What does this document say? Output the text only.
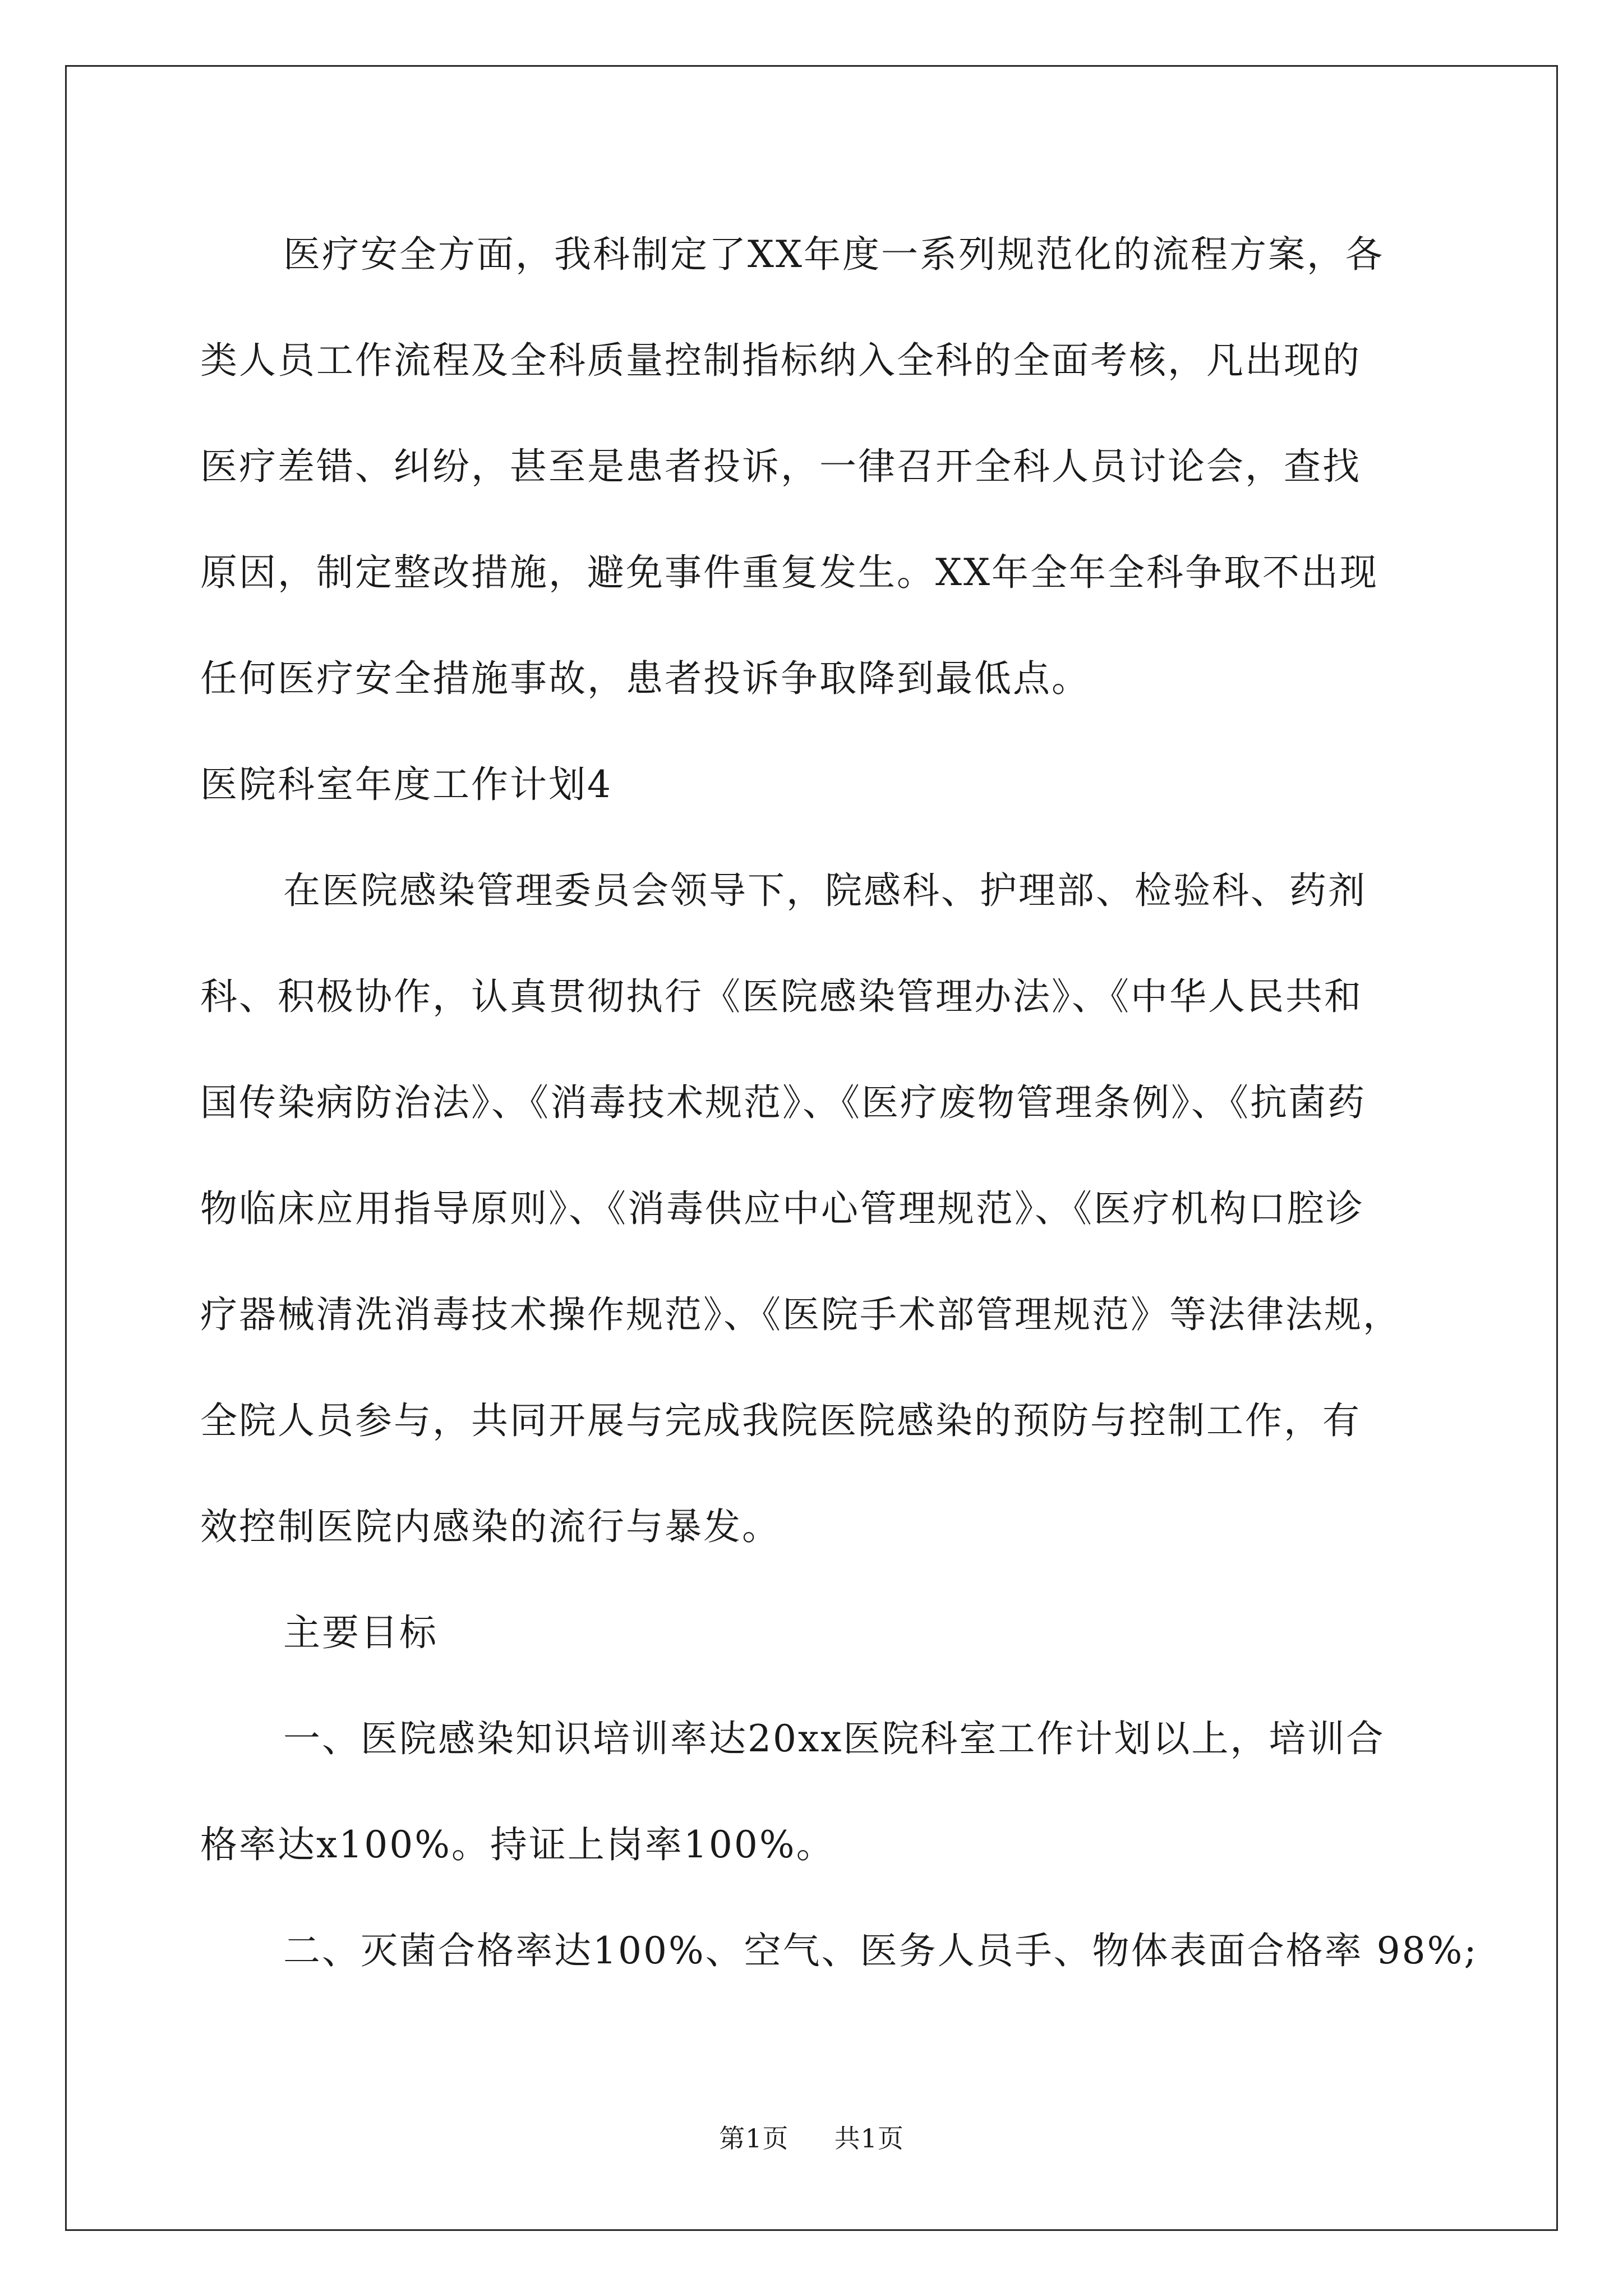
医疗安全方面，我科制定了XX年度一系列规范化的流程方案，各
类人员工作流程及全科质量控制指标纳入全科的全面考核，凡出现的
医疗差错、纠纷，甚至是患者投诉，一律召开全科人员讨论会，查找
原因，制定整改措施，避免事件重复发生。XX年全年全科争取不出现
任何医疗安全措施事故，患者投诉争取降到最低点。
医院科室年度工作计划4
在医院感染管理委员会领导下，院感科、护理部、检验科、药剂
科、积极协作，认真贯彻执行《医院感染管理办法》、《中华人民共和
国传染病防治法》、《消毒技术规范》、《医疗废物管理条例》、《抗菌药
物临床应用指导原则》、《消毒供应中心管理规范》、《医疗机构口腔诊
疗器械清洗消毒技术操作规范》、《医院手术部管理规范》等法律法规，
全院人员参与，共同开展与完成我院医院感染的预防与控制工作，有
效控制医院内感染的流行与暴发。
主要目标
一、医院感染知识培训率达20xx医院科室工作计划以上，培训合
格率达x100%。持证上岗率100%。
二、灭菌合格率达100%、空气、医务人员手、物体表面合格率 98%;
第1页 共1页
